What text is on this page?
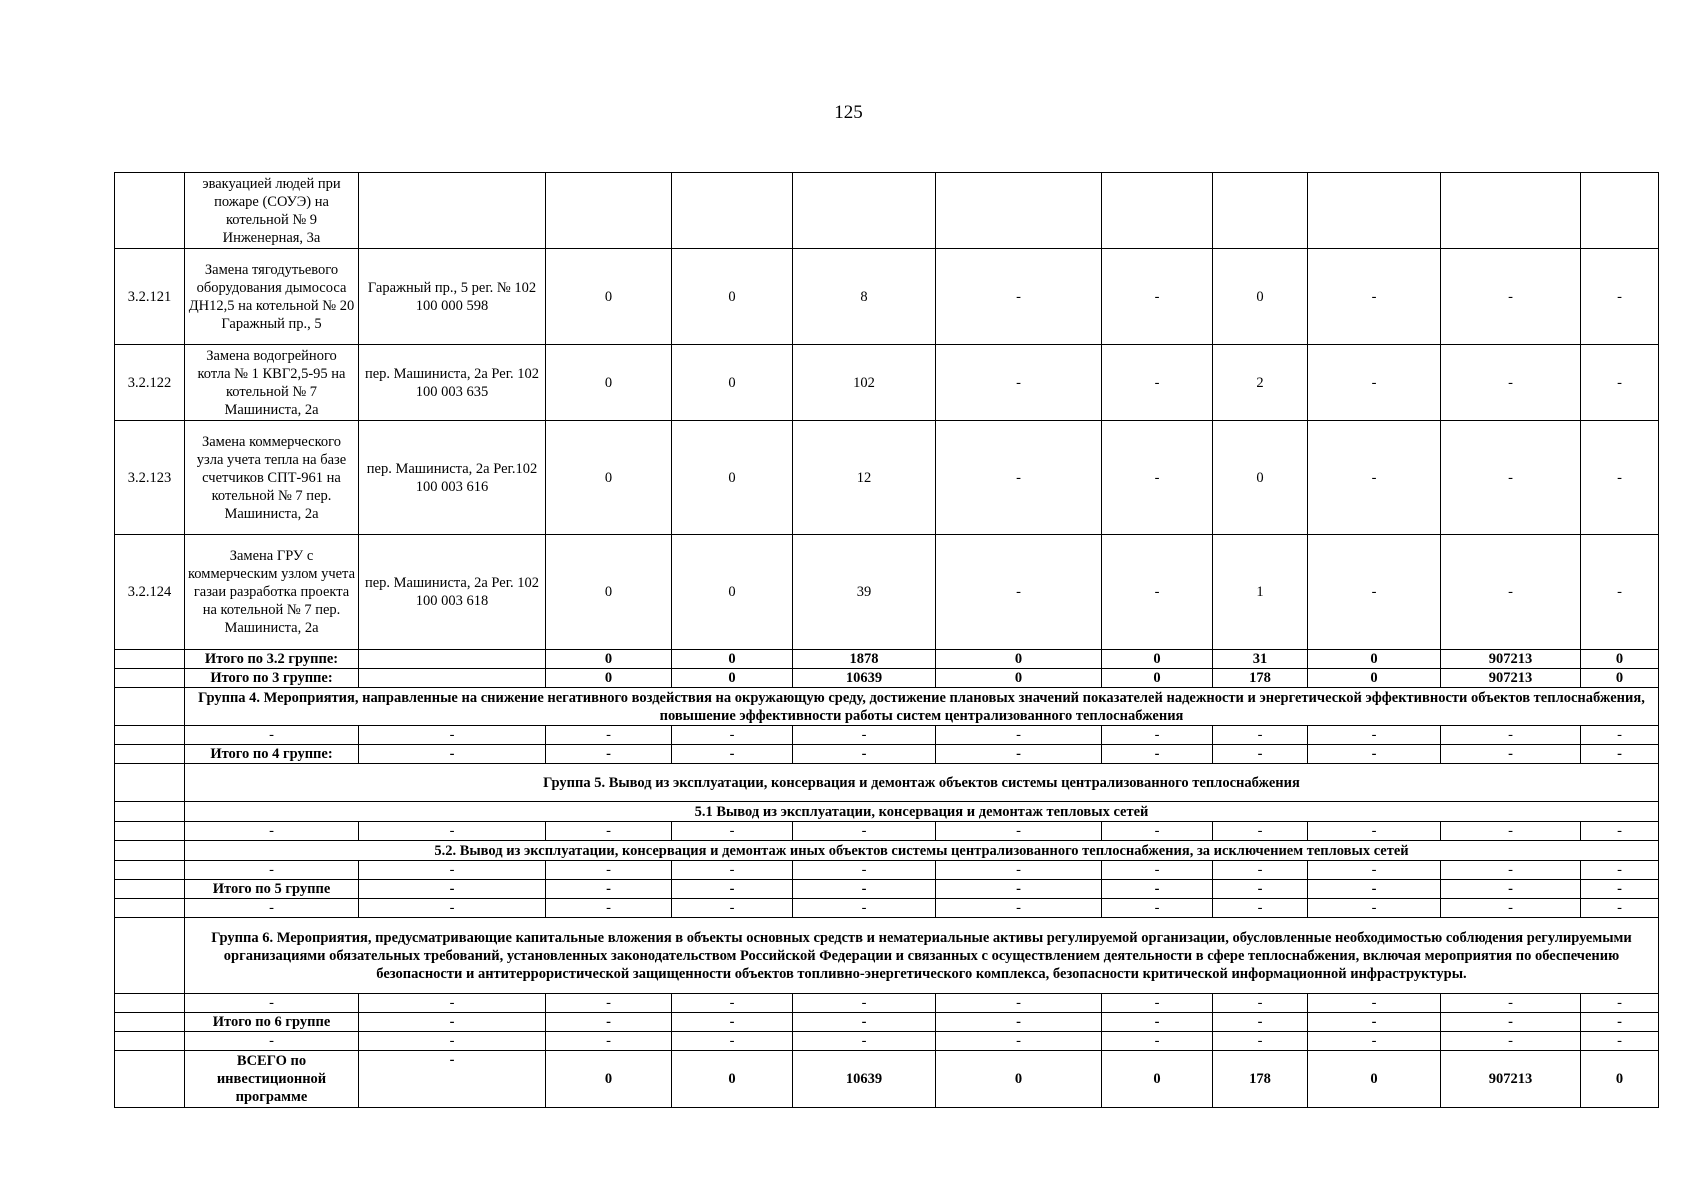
125
	эвакуацией людей при пожаре (СОУЭ) на котельной № 9 Инженерная, 3а										
3.2.121	Замена тягодутьевого оборудования дымососа ДН12,5 на котельной № 20 Гаражный пр., 5	Гаражный пр., 5 рег. № 102 100 000 598	0	0	8	-	-	0	-	-	-
3.2.122	Замена водогрейного котла № 1 КВГ2,5-95 на котельной № 7 Машиниста, 2а	пер. Машиниста, 2а Рег. 102 100 003 635	0	0	102	-	-	2	-	-	-
3.2.123	Замена коммерческого узла учета тепла на базе счетчиков СПТ-961 на котельной № 7 пер. Машиниста, 2а	пер. Машиниста, 2а Рег.102 100 003 616	0	0	12	-	-	0	-	-	-
3.2.124	Замена ГРУ с коммерческим узлом учета газаи разработка проекта на котельной № 7 пер. Машиниста, 2а	пер. Машиниста, 2а Рег. 102 100 003 618	0	0	39	-	-	1	-	-	-
	Итого по 3.2 группе:		0	0	1878	0	0	31	0	907213	0
	Итого по 3 группе:		0	0	10639	0	0	178	0	907213	0
	Группа 4. Мероприятия, направленные на снижение негативного воздействия на окружающую среду, достижение плановых значений показателей надежности и энергетической эффективности объектов теплоснабжения, повышение эффективности работы систем централизованного теплоснабжения										
	-	-	-	-	-	-	-	-	-	-	-
	Итого по 4 группе:	-	-	-	-	-	-	-	-	-	-
	Группа 5. Вывод из эксплуатации, консервация и демонтаж объектов системы централизованного теплоснабжения										
	5.1 Вывод из эксплуатации, консервация и демонтаж тепловых сетей										
	-	-	-	-	-	-	-	-	-	-	-
	5.2. Вывод из эксплуатации, консервация и демонтаж иных объектов системы централизованного теплоснабжения, за исключением тепловых сетей										
	-	-	-	-	-	-	-	-	-	-	-
	Итого по 5 группе	-	-	-	-	-	-	-	-	-	-
	-	-	-	-	-	-	-	-	-	-	-
	Группа 6. Мероприятия, предусматривающие капитальные вложения в объекты основных средств и нематериальные активы регулируемой организации, обусловленные необходимостью соблюдения регулируемыми организациями обязательных требований, установленных законодательством Российской Федерации и связанных с осуществлением деятельности в сфере теплоснабжения, включая мероприятия по обеспечению безопасности и антитеррористической защищенности объектов топливно-энергетического комплекса, безопасности критической информационной инфраструктуры.										
	-	-	-	-	-	-	-	-	-	-	-
	Итого по 6 группе	-	-	-	-	-	-	-	-	-	-
	-	-	-	-	-	-	-	-	-	-	-
	ВСЕГО по инвестиционной программе	-	0	0	10639	0	0	178	0	907213	0
